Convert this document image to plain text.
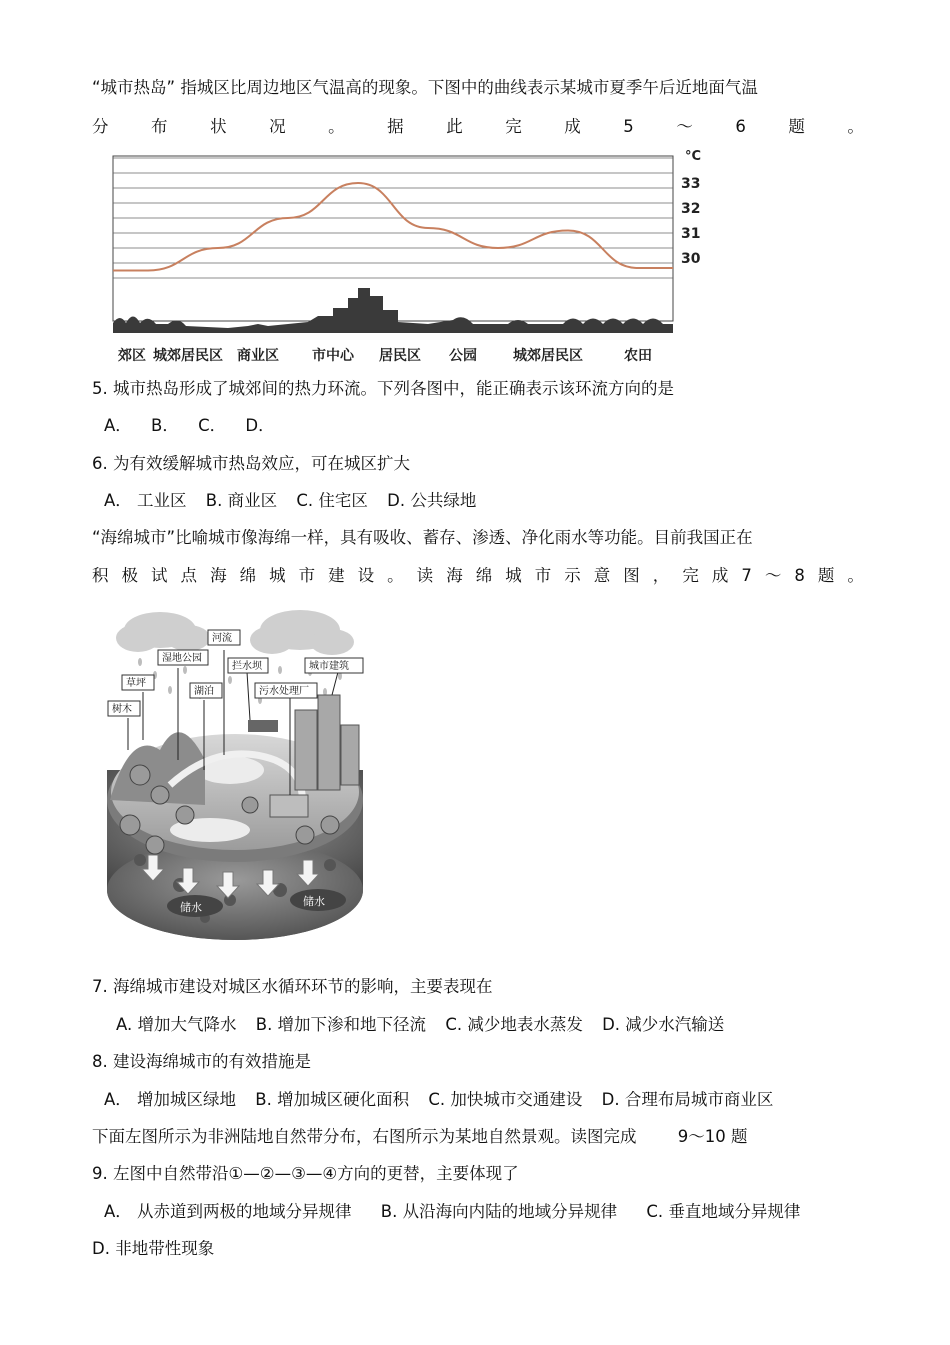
“城市热岛” 指城区比周边地区气温高的现象。下图中的曲线表示某城市夏季午后近地面气温
分	布	状	况	。	据	此	完	成	5	～	6	题	。
33
32
31
30
°C
郊区 城郊居民区 商业区 市中心 居民区 公园	城郊居民区	农田
5. 城市热岛形成了城郊间的热力环流。下列各图中，能正确表示该环流方向的是
A． B． C． D．
6. 为有效缓解城市热岛效应，可在城区扩大
A． 工业区 B. 商业区 C. 住宅区 D. 公共绿地
“海绵城市”比喻城市像海绵一样，具有吸收、蓄存、渗透、净化雨水等功能。目前我国正在
积 极 试 点 海 绵 城 市 建 设 。 读 海 绵 城 市 示 意 图 ， 完 成 7 ～ 8 题 。
河流
湿地公园
拦水坝	城市建筑
草坪
湖泊	污水处理厂
树木
储水	储水
7. 海绵城市建设对城区水循环环节的影响，主要表现在
A. 增加大气降水 B. 增加下渗和地下径流 C. 减少地表水蒸发 D. 减少水汽输送
8. 建设海绵城市的有效措施是
A． 增加城区绿地 B. 增加城区硬化面积 C. 加快城市交通建设 D. 合理布局城市商业区
下面左图所示为非洲陆地自然带分布，右图所示为某地自然景观。读图完成	9～10 题
9. 左图中自然带沿①—②—③—④方向的更替，主要体现了
A． 从赤道到两极的地域分异规律 B. 从沿海向内陆的地域分异规律 C. 垂直地域分异规律
D. 非地带性现象
